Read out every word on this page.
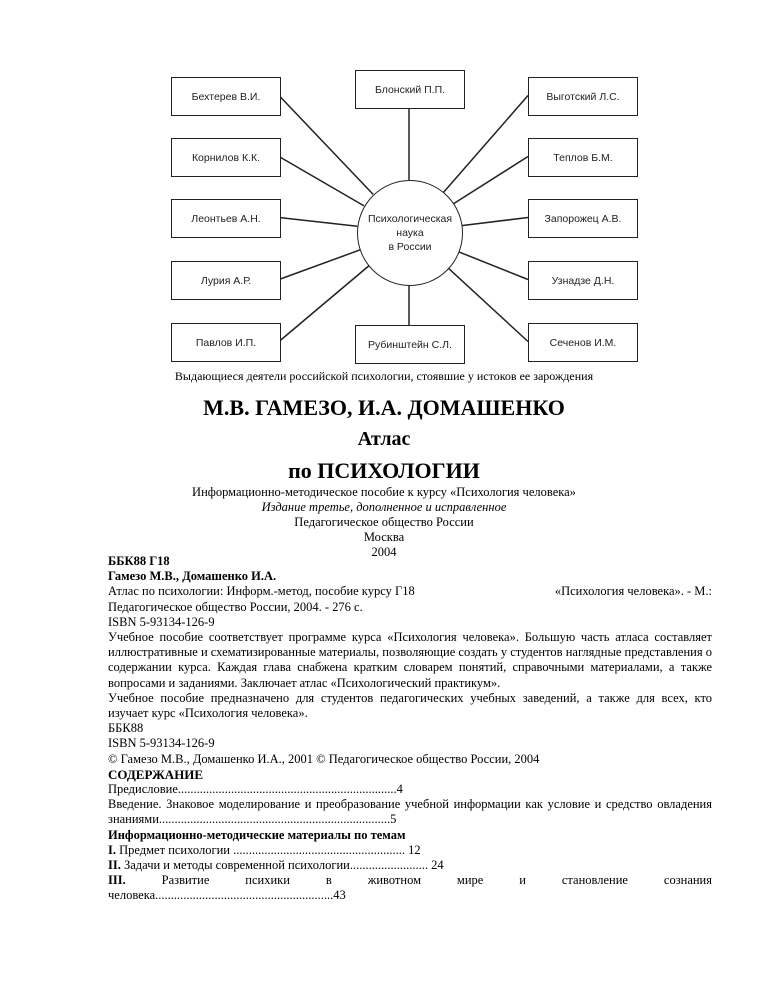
Бехтерев В.И.
Корнилов К.К.
Леонтьев А.Н.
Лурия А.Р.
Павлов И.П.
Выготский Л.С.
Теплов Б.М.
Запорожец А.В.
Узнадзе Д.Н.
Сеченов И.М.
Блонский П.П.
Рубинштейн С.Л.
Психологическая
наука
в России
Выдающиеся деятели российской психологии, стоявшие у истоков ее зарождения
М.В. ГАМЕЗО, И.А. ДОМАШЕНКО
Атлас
по ПСИХОЛОГИИ
Информационно-методическое пособие к курсу «Психология человека»
Издание третье, дополненное и исправленное
Педагогическое общество России
Москва
2004

ББК88 Г18

Гамезо М.В., Домашенко И.А.

Атлас по психологии: Информ.-метод, пособие курсу Г18	«Психология человека». - М.:

Педагогическое общество России, 2004. - 276 с.

ISBN 5-93134-126-9

Учебное пособие соответствует программе курса «Психология человека». Большую часть атласа составляет иллюстративные и схематизированные материалы, позволяющие создать у студентов наглядные представления о содержании курса. Каждая глава снабжена кратким словарем понятий, справочными материалами, а также вопросами и заданиями. Заключает атлас «Психологический практикум».

Учебное пособие предназначено для студентов педагогических учебных заведений, а также для всех, кто изучает курс «Психология человека».

ББК88

ISBN 5-93134-126-9

© Гамезо М.В., Домашенко И.А., 2001 © Педагогическое общество России, 2004

СОДЕРЖАНИЕ

Предисловие......................................................................4

Введение. Знаковое моделирование и преобразование учебной информации как условие и средство овладения знаниями..........................................................................5

Информационно-методические материалы по темам

I. Предмет психологии ....................................................... 12

II. Задачи и методы современной психологии......................... 24

III. Развитие психики в животном мире и становление сознания

человека.........................................................43
